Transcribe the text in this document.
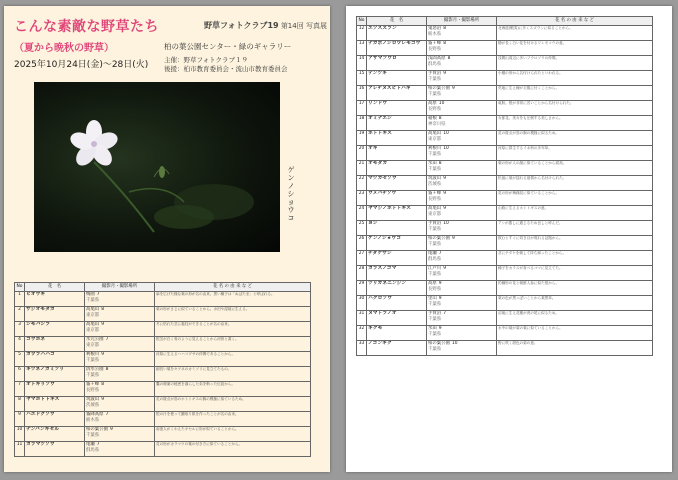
こんな素敵な野草たち	野草フォトクラブ19 第14回 写真展
（夏から晩秋の野草）	柏の葉公園センター・緑のギャラリー
2025年10月24日(金)〜28日(火) 主催：野草フォトクラブ１９
後援：柏市教育委員会・流山市教育委員会
ゲンノショウコ
No	花　名	撮影月・撮影場所	花 名 の 由 来 な ど
1	ヒオウギ	梅園 7
千葉県	扇を広げた様な葉の形が名の由来。黒い種子は「ぬばたま」と呼ばれる。
2	サジオモダカ	高尾山 8
東京都	葉の形がさじに似ていることから。水田や湿地に生える。
3	シモバシラ	高尾山 9
東京都	冬に枯れた茎に霜柱ができることが名の由来。
4	コウホネ	水元公園 7
東京都	根茎が白く骨のように見えることから河骨と書く。
5	カワラハハコ	利根川 9
千葉県	河原に生えるハハコグサの仲間であることから。
6	キツネノカミソリ	清水公園 8
千葉県	細長い葉をキツネのカミソリに見立てたもの。
7	オトギリソウ	霧ヶ峰 8
長野県	鷹の傷薬の秘密を漏らした弟を斬った伝説から。
8	ヤマホトトギス	筑波山 9
茨城県	花の斑点が鳥のホトトギスの胸の模様に似ているため。
9	ハエドクソウ	霧降高原 7
栃木県	根の汁を使って蝿取り紙を作ったことが名の由来。
10	ナンバンギセル	柏の葉公園 9
千葉県	南蛮人がくわえたキセルに形が似ていることから。
11	カラマツソウ	尾瀬 7
群馬県	花の形がカラマツの葉の付き方に似ていることから。
No	花　名	撮影月・撮影場所	花 名 の 由 来 な ど
12	エゾスズラン	鬼怒沼 8
栃木県	北海道(蝦夷)に多くスズランに似ることから。
13	ナガボノシロワレモコウ	霧ヶ峰 8
長野県	穂が長く白い花を付けるワレモコウの意。
14	アサマフウロ	浅間高原 8
群馬県	浅間山周辺に多いフウロソウの仲間。
15	テンツキ	手賀沼 9
千葉県	小穂の形から名付けられたといわれる。
16	アレチヌスビトハギ	柏の葉公園 9
千葉県	荒地に生え種が衣服に付くことから。
17	リンドウ	高原 10
長野県	竜胆。根が非常に苦いことから名付けられた。
18	オミナエシ	箱根 8
神奈川県	女郎花。美女をも圧倒する美しさから。
19	ホトトギス	高尾山 10
東京都	花の斑点が鳥の胸の模様に似るため。
20	オギ	利根川 10
千葉県	河原に群生するイネ科の多年草。
21	オモダカ	水田 8
千葉県	葉の形が人の顔に似ていることから面高。
22	マツカゼソウ	筑波山 9
茨城県	松風に葉が揺れる風情から名付けられた。
23	ウメバチソウ	霧ヶ峰 9
長野県	花の形が梅鉢紋に似ていることから。
24	ヤマジノホトトギス	高尾山 9
東京都	山路に生えるホトトギスの意。
25	ヨシ	手賀沼 10
千葉県	アシが悪しに通じるため良しと呼んだ。
26	ゲンノショウコ	柏の葉公園 9
千葉県	飲むとすぐに効き目が現れる証拠から。
27	チダケサシ	尾瀬 7
群馬県	茎にチダケを刺して持ち帰ったことから。
28	カラスノゴマ	江戸川 9
千葉県	種子をカラスが食べるゴマに見立てた。
29	ツリガネニンジン	高原 9
長野県	釣鐘形の花と朝鮮人参に似た根から。
30	ハグロソウ	里山 9
千葉県	葉の色が黒っぽいことから葉黒草。
31	ヌマトラノオ	手賀沼 7
千葉県	沼地に生え花穂が虎の尾に似るため。
32	キクモ	水田 9
千葉県	水中の葉が菊の葉に似ていることから。
33	ノコンギク	柏の葉公園 10
千葉県	野に咲く紺色の菊の意。
